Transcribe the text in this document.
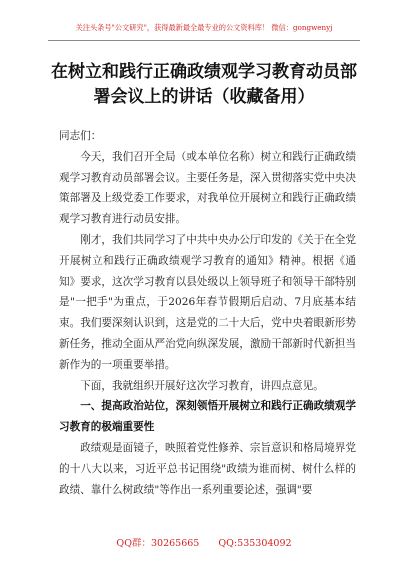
关注头条号"公文研究"，获得最新最全最专业的公文资料库！ 微信：gongwenyj
在树立和践行正确政绩观学习教育动员部署会议上的讲话（收藏备用）

同志们：

今天，我们召开全局（或本单位名称）树立和践行正确政绩观学习教育动员部署会议。主要任务是，深入贯彻落实党中央决策部署及上级党委工作要求，对我单位开展树立和践行正确政绩观学习教育进行动员安排。

刚才，我们共同学习了中共中央办公厅印发的《关于在全党开展树立和践行正确政绩观学习教育的通知》精神。根据《通知》要求，这次学习教育以县处级以上领导班子和领导干部特别是"一把手"为重点，于2026年春节假期后启动、7月底基本结束。我们要深刻认识到，这是党的二十大后，党中央着眼新形势新任务，推动全面从严治党向纵深发展，激励干部新时代新担当新作为的一项重要举措。

下面，我就组织开展好这次学习教育，讲四点意见。

一、提高政治站位，深刻领悟开展树立和践行正确政绩观学习教育的极端重要性

政绩观是面镜子，映照着党性修养、宗旨意识和格局境界党的十八大以来，习近平总书记围绕"政绩为谁而树、树什么样的政绩、靠什么树政绩"等作出一系列重要论述，强调"要

QQ群：30265665 QQ:535304092
